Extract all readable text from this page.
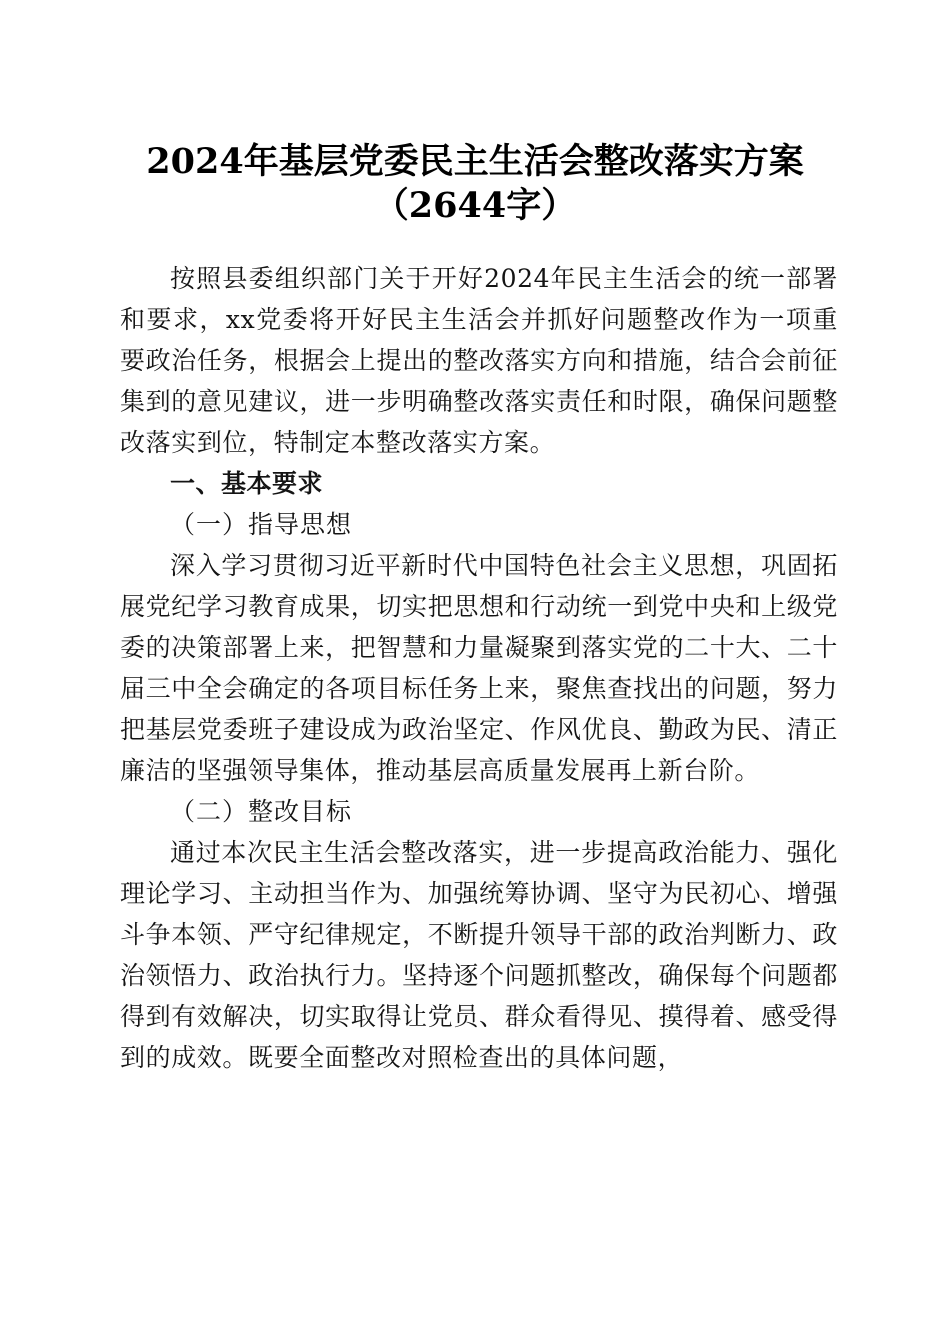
2024年基层党委民主生活会整改落实方案
（2644字）

按照县委组织部门关于开好2024年民主生活会的统一部署和要求，xx党委将开好民主生活会并抓好问题整改作为一项重要政治任务，根据会上提出的整改落实方向和措施，结合会前征集到的意见建议，进一步明确整改落实责任和时限，确保问题整改落实到位，特制定本整改落实方案。

一、基本要求

（一）指导思想

深入学习贯彻习近平新时代中国特色社会主义思想，巩固拓展党纪学习教育成果，切实把思想和行动统一到党中央和上级党委的决策部署上来，把智慧和力量凝聚到落实党的二十大、二十届三中全会确定的各项目标任务上来，聚焦查找出的问题，努力把基层党委班子建设成为政治坚定、作风优良、勤政为民、清正廉洁的坚强领导集体，推动基层高质量发展再上新台阶。

（二）整改目标

通过本次民主生活会整改落实，进一步提高政治能力、强化理论学习、主动担当作为、加强统筹协调、坚守为民初心、增强斗争本领、严守纪律规定，不断提升领导干部的政治判断力、政治领悟力、政治执行力。坚持逐个问题抓整改，确保每个问题都得到有效解决，切实取得让党员、群众看得见、摸得着、感受得到的成效。既要全面整改对照检查出的具体问题，
